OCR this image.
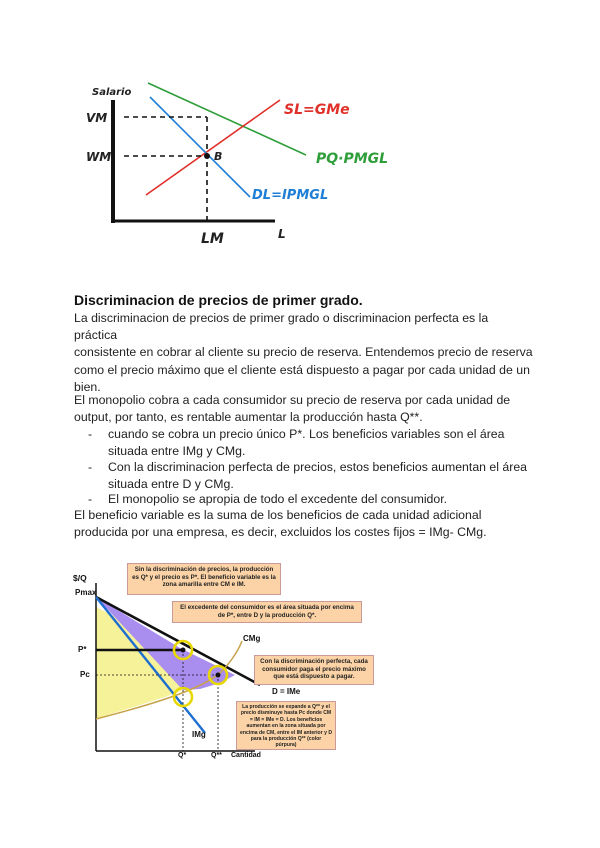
Salario
VM
WM	B
SL=GMe
PQ·PMGL
DL=IPMGL
LM	L
Discriminacion de precios de primer grado.

La discriminacion de precios de primer grado o discriminacion perfecta es la práctica
consistente en cobrar al cliente su precio de reserva. Entendemos precio de reserva
como el precio máximo que el cliente está dispuesto a pagar por cada unidad de un
bien.

El monopolio cobra a cada consumidor su precio de reserva por cada unidad de
output, por tanto, es rentable aumentar la producción hasta Q**.

- cuando se cobra un precio único P*. Los beneficios variables son el área
situada entre IMg y CMg.
- Con la discriminacion perfecta de precios, estos beneficios aumentan el área
situada entre D y CMg.
- El monopolio se apropia de todo el excedente del consumidor.

El beneficio variable es la suma de los beneficios de cada unidad adicional
producida por una empresa, es decir, excluidos los costes fijos = IMg- CMg.

$/Q
Pmax
P*
Pc
Q*	Q** Cantidad
CMg
D = IMe
IMg
Sin la discriminación de precios, la producción es Q* y el precio es P*. El beneficio variable es la zona amarilla entre CM e IM.
El excedente del consumidor es el área situada por encima de P*, entre D y la producción Q*.
Con la discriminación perfecta, cada consumidor paga el precio máximo que está dispuesto a pagar.
La producción se expande a Q** y el precio disminuye hasta Pc donde CM = IM = IMe = D. Los beneficios aumentan en la zona situada por encima de CM, entre el IM anterior y D para la producción Q** (color púrpura)
